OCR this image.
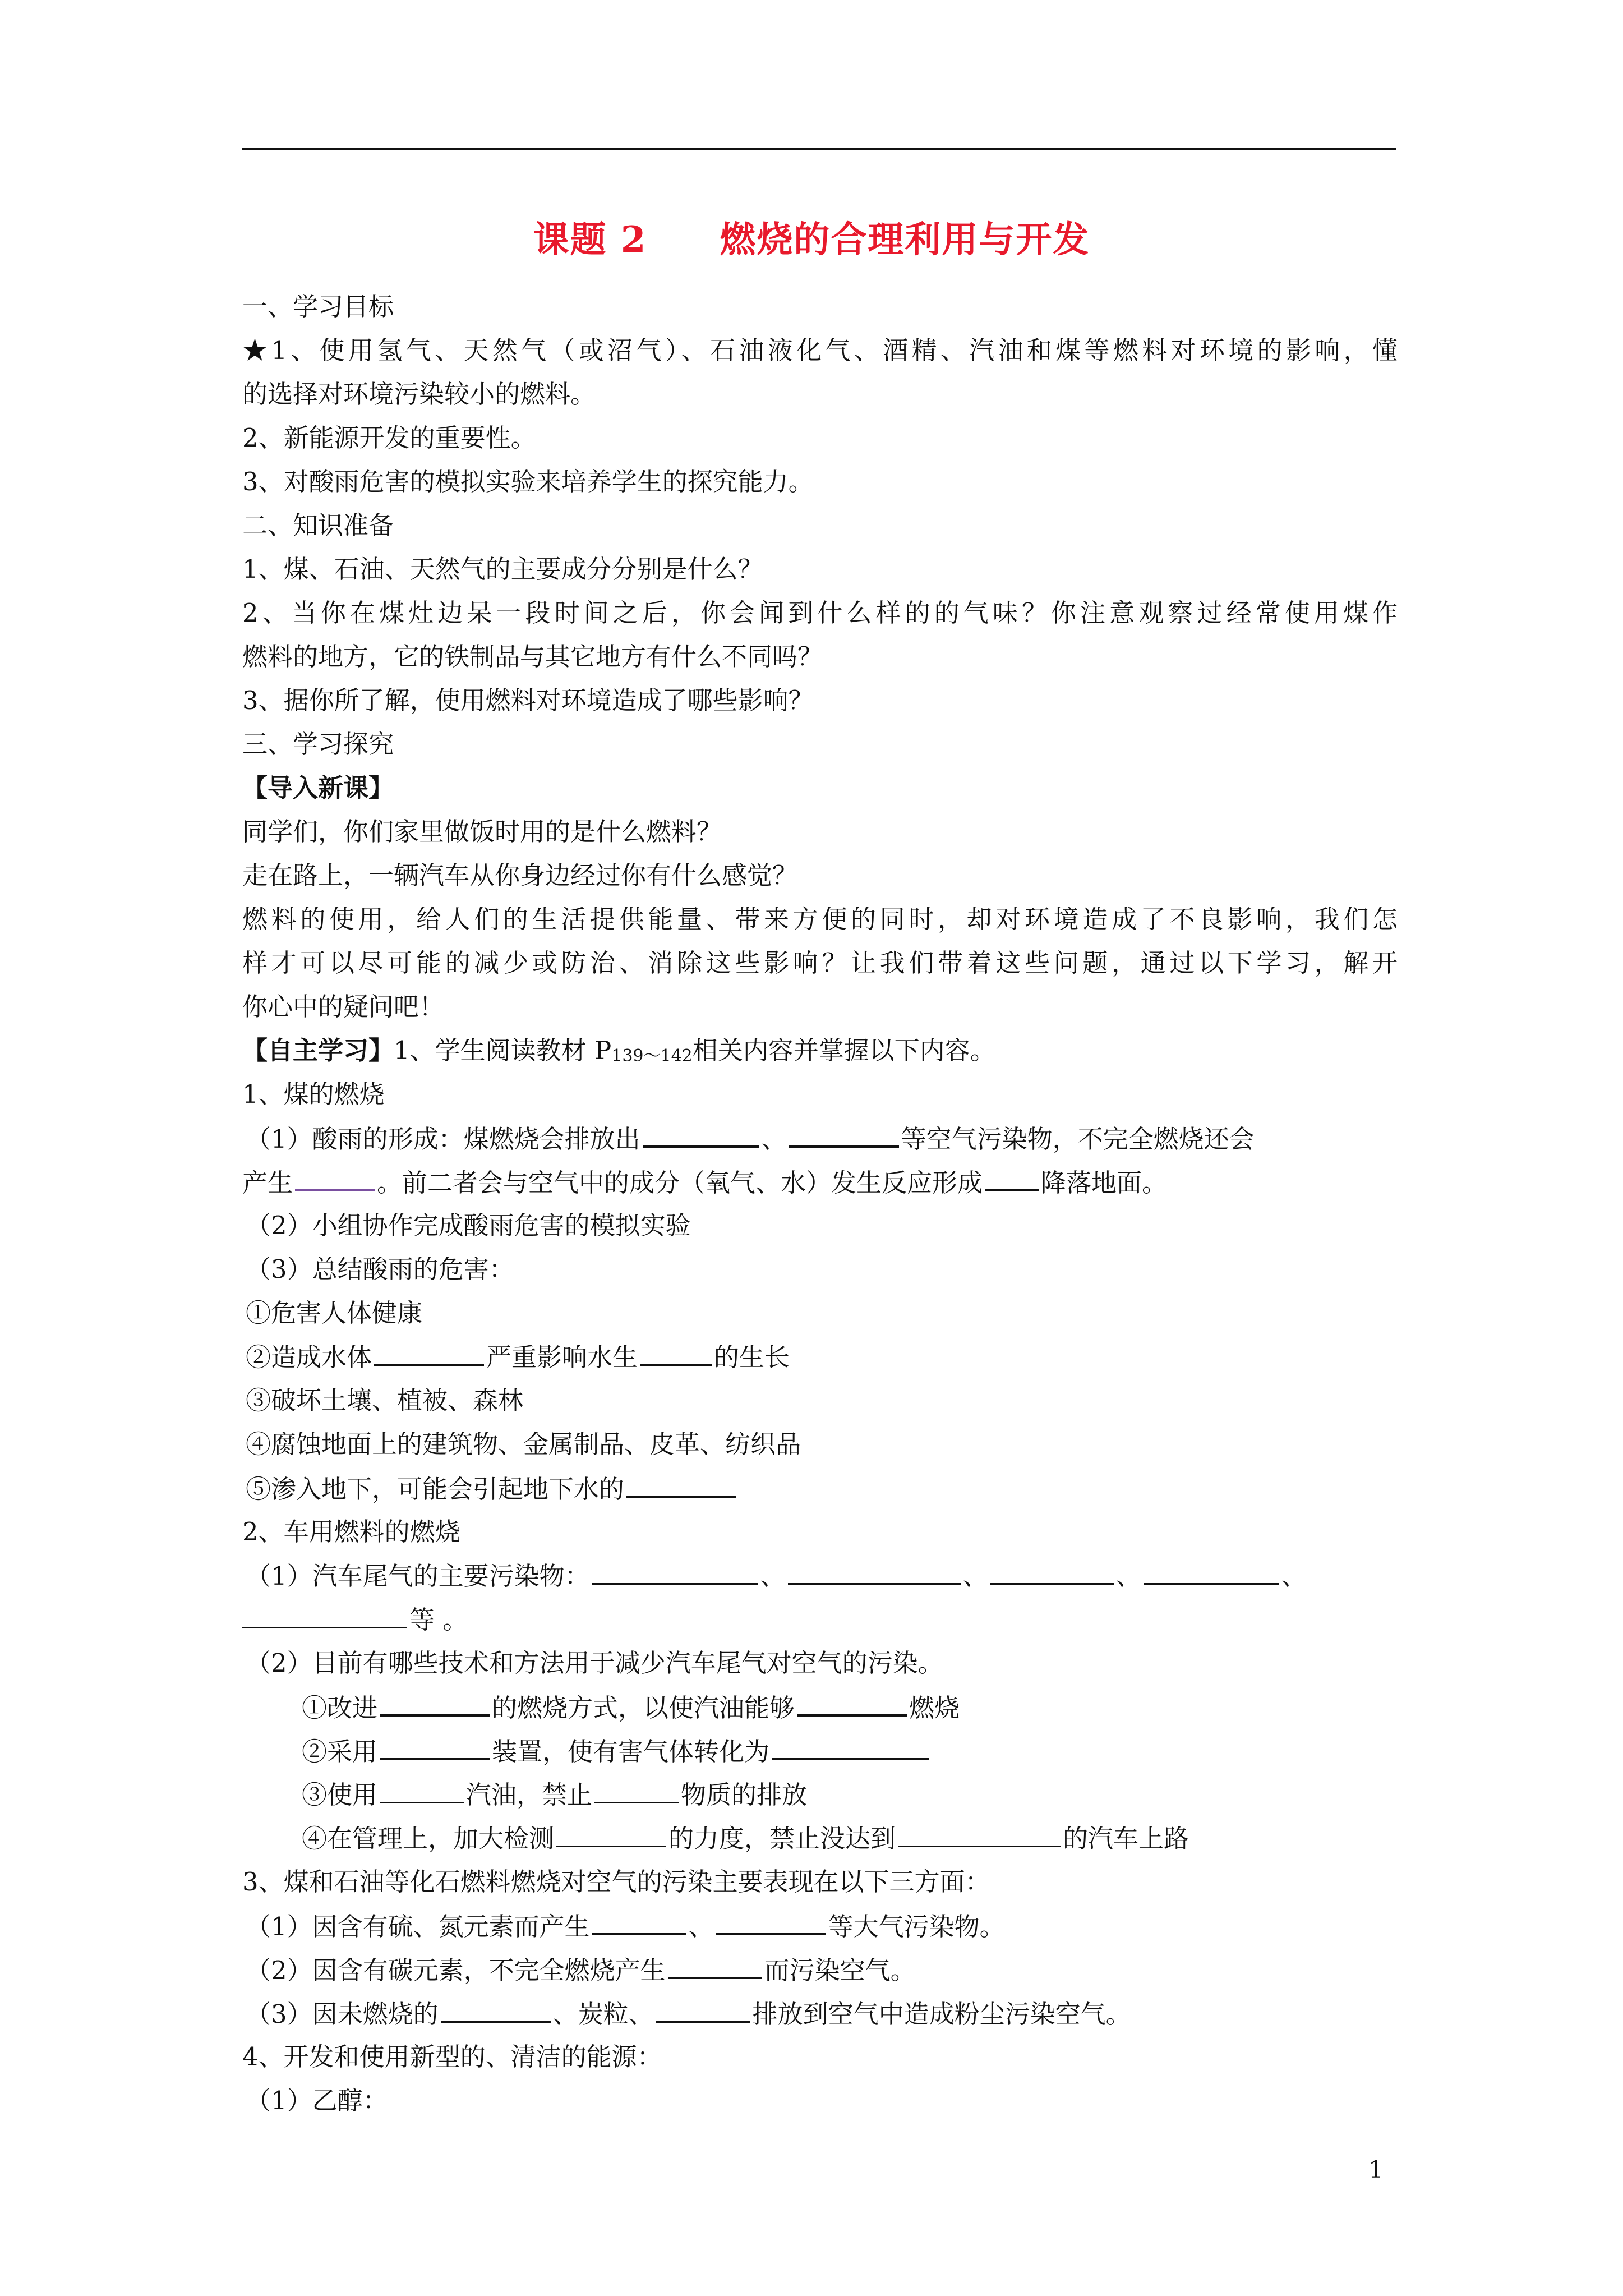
课题 2 燃烧的合理利用与开发
一、学习目标
★1、使用氢气、天然气（或沼气）、石油液化气、酒精、汽油和煤等燃料对环境的影响，懂
的选择对环境污染较小的燃料。
2、新能源开发的重要性。
3、对酸雨危害的模拟实验来培养学生的探究能力。
二、知识准备
1、煤、石油、天然气的主要成分分别是什么？
2、当你在煤灶边呆一段时间之后，你会闻到什么样的的气味？你注意观察过经常使用煤作
燃料的地方，它的铁制品与其它地方有什么不同吗？
3、据你所了解，使用燃料对环境造成了哪些影响？
三、学习探究
【导入新课】
同学们，你们家里做饭时用的是什么燃料？
走在路上，一辆汽车从你身边经过你有什么感觉？
燃料的使用，给人们的生活提供能量、带来方便的同时，却对环境造成了不良影响，我们怎
样才可以尽可能的减少或防治、消除这些影响？让我们带着这些问题，通过以下学习，解开
你心中的疑问吧！
【自主学习】1、学生阅读教材 P139～142相关内容并掌握以下内容。
1、煤的燃烧
（1）酸雨的形成：煤燃烧会排放出	、	等空气污染物，不完全燃烧还会
产生	。前二者会与空气中的成分（氧气、水）发生反应形成 降落地面。
（2）小组协作完成酸雨危害的模拟实验
（3）总结酸雨的危害：
①危害人体健康
②造成水体	严重影响水生	的生长
③破坏土壤、植被、森林
④腐蚀地面上的建筑物、金属制品、皮革、纺织品
⑤渗入地下，可能会引起地下水的
2、车用燃料的燃烧
（1）汽车尾气的主要污染物：	、	、	、	、
等 。
（2）目前有哪些技术和方法用于减少汽车尾气对空气的污染。
①改进	的燃烧方式，以使汽油能够	燃烧
②采用	装置，使有害气体转化为
③使用	汽油，禁止	物质的排放
④在管理上，加大检测	的力度，禁止没达到	的汽车上路
3、煤和石油等化石燃料燃烧对空气的污染主要表现在以下三方面：
（1）因含有硫、氮元素而产生	、	等大气污染物。
（2）因含有碳元素，不完全燃烧产生	而污染空气。
（3）因未燃烧的	、炭粒、	排放到空气中造成粉尘污染空气。
4、开发和使用新型的、清洁的能源：
（1）乙醇：
1
